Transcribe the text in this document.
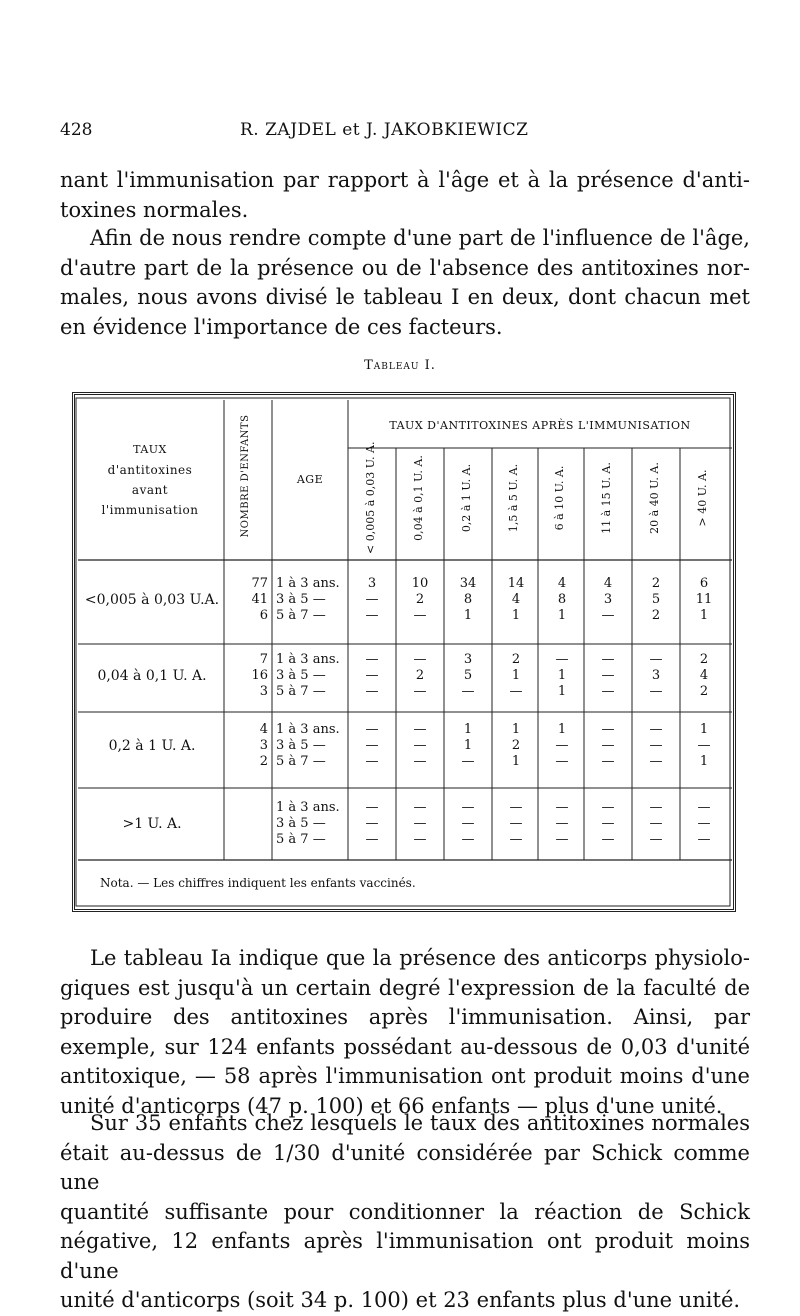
428	R. ZAJDEL et J. JAKOBKIEWICZ
nant l'immunisation par rapport à l'âge et à la présence d'anti-
toxines normales.
Afin de nous rendre compte d'une part de l'influence de l'âge,
d'autre part de la présence ou de l'absence des antitoxines nor-
males, nous avons divisé le tableau I en deux, dont chacun met
en évidence l'importance de ces facteurs.
Tableau I.
TAUX
d'antitoxines
avant
l'immunisation	NOMBRE D'ENFANTS	AGE
TAUX D'ANTITOXINES APRÈS L'IMMUNISATION
< 0,005 à 0,03 U. A.	0,04 à 0,1 U. A.	0,2 à 1 U. A.	1,5 à 5 U. A.	6 à 10 U. A.	11 à 15 U. A.	20 à 40 U. A.	> 40 U. A.
<0,005 à 0,03 U.A.
77 1 à 3 ans.	3	10	34	14	4	4	2	6
41 3 à 5 —	—	2	8	4	8	3	5	11
6 5 à 7 —	—	—	1	1	1	—	2	1
0,04 à 0,1 U. A.
7 1 à 3 ans.	—	—	3	2	—	—	—	2
16 3 à 5 —	—	2	5	1	1	—	3	4
3 5 à 7 —	—	—	—	—	1	—	—	2
0,2 à 1 U. A.
4 1 à 3 ans.	—	—	1	1	1	—	—	1
3 3 à 5 —	—	—	1	2	—	—	—	—
2 5 à 7 —	—	—	—	1	—	—	—	1
>1 U. A.
1 à 3 ans.	—	—	—	—	—	—	—	—
3 à 5 —	—	—	—	—	—	—	—	—
5 à 7 —	—	—	—	—	—	—	—	—
Nota. — Les chiffres indiquent les enfants vaccinés.
Le tableau Ia indique que la présence des anticorps physiolo-
giques est jusqu'à un certain degré l'expression de la faculté de
produire des antitoxines après l'immunisation. Ainsi, par
exemple, sur 124 enfants possédant au-dessous de 0,03 d'unité
antitoxique, — 58 après l'immunisation ont produit moins d'une
unité d'anticorps (47 p. 100) et 66 enfants — plus d'une unité.
Sur 35 enfants chez lesquels le taux des antitoxines normales
était au-dessus de 1/30 d'unité considérée par Schick comme une
quantité suffisante pour conditionner la réaction de Schick
négative, 12 enfants après l'immunisation ont produit moins d'une
unité d'anticorps (soit 34 p. 100) et 23 enfants plus d'une unité.
